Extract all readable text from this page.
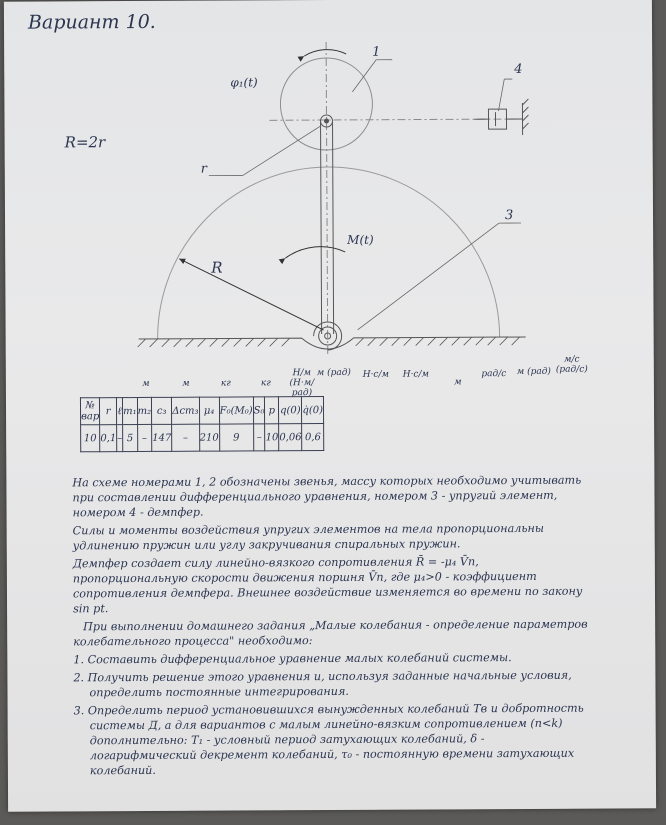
Вариант 10.
R=2r
1
4
3
φ₁(t)
M(t)
R
r
м	м	кг	кг
Н/м (Н·м/рад)
м (рад)	Н·с/м	Н·с/м
м
рад/с	м (рад)
м/с (рад/с)
№ вар	r	ℓ	m₁	m₂	c₃	Δст₃	μ₄	F₀(M₀)	S₀	p	q(0)	q̇(0)
10	0,1	–	5	–	147	–	210	9	–	10	0,06	0,6

На схеме номерами 1, 2 обозначены звенья, массу которых необходимо учитывать при составлении дифференциального уравнения, номером 3 - упругий элемент, номером 4 - демпфер.

Силы и моменты воздействия упругих элементов на тела пропорциональны удлинению пружин или углу закручивания спиральных пружин.

Демпфер создает силу линейно-вязкого сопротивления R̄ = -μ₄ V̄п, пропорциональную скорости движения поршня V̄п, где μ₄>0 - коэффициент сопротивления демпфера. Внешнее воздействие изменяется во времени по закону sin pt.

При выполнении домашнего задания „Малые колебания - определение параметров колебательного процесса" необходимо:

1. Составить дифференциальное уравнение малых колебаний системы.
2. Получить решение этого уравнения и, используя заданные начальные условия, определить постоянные интегрирования.
3. Определить период установившихся вынужденных колебаний Тв и добротность системы Д, а для вариантов с малым линейно-вязким сопротивлением (n<k) дополнительно: Т₁ - условный период затухающих колебаний, δ - логарифмический декремент колебаний, τ₀ - постоянную времени затухающих колебаний.
